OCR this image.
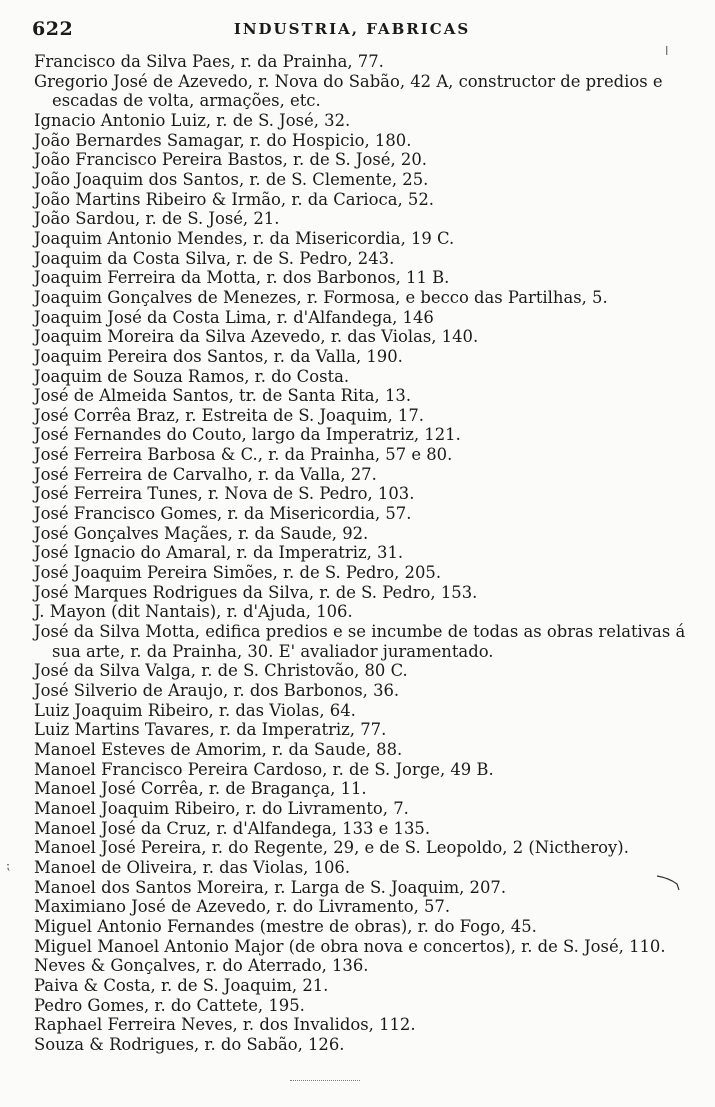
622	INDUSTRIA, FABRICAS
Francisco da Silva Paes, r. da Prainha, 77.
Gregorio José de Azevedo, r. Nova do Sabão, 42 A, constructor de predios e
escadas de volta, armações, etc.
Ignacio Antonio Luiz, r. de S. José, 32.
João Bernardes Samagar, r. do Hospicio, 180.
João Francisco Pereira Bastos, r. de S. José, 20.
João Joaquim dos Santos, r. de S. Clemente, 25.
João Martins Ribeiro & Irmão, r. da Carioca, 52.
João Sardou, r. de S. José, 21.
Joaquim Antonio Mendes, r. da Misericordia, 19 C.
Joaquim da Costa Silva, r. de S. Pedro, 243.
Joaquim Ferreira da Motta, r. dos Barbonos, 11 B.
Joaquim Gonçalves de Menezes, r. Formosa, e becco das Partilhas, 5.
Joaquim José da Costa Lima, r. d'Alfandega, 146
Joaquim Moreira da Silva Azevedo, r. das Violas, 140.
Joaquim Pereira dos Santos, r. da Valla, 190.
Joaquim de Souza Ramos, r. do Costa.
José de Almeida Santos, tr. de Santa Rita, 13.
José Corrêa Braz, r. Estreita de S. Joaquim, 17.
José Fernandes do Couto, largo da Imperatriz, 121.
José Ferreira Barbosa & C., r. da Prainha, 57 e 80.
José Ferreira de Carvalho, r. da Valla, 27.
José Ferreira Tunes, r. Nova de S. Pedro, 103.
José Francisco Gomes, r. da Misericordia, 57.
José Gonçalves Maçães, r. da Saude, 92.
José Ignacio do Amaral, r. da Imperatriz, 31.
José Joaquim Pereira Simões, r. de S. Pedro, 205.
José Marques Rodrigues da Silva, r. de S. Pedro, 153.
J. Mayon (dit Nantais), r. d'Ajuda, 106.
José da Silva Motta, edifica predios e se incumbe de todas as obras relativas á
sua arte, r. da Prainha, 30. E' avaliador juramentado.
José da Silva Valga, r. de S. Christovão, 80 C.
José Silverio de Araujo, r. dos Barbonos, 36.
Luiz Joaquim Ribeiro, r. das Violas, 64.
Luiz Martins Tavares, r. da Imperatriz, 77.
Manoel Esteves de Amorim, r. da Saude, 88.
Manoel Francisco Pereira Cardoso, r. de S. Jorge, 49 B.
Manoel José Corrêa, r. de Bragança, 11.
Manoel Joaquim Ribeiro, r. do Livramento, 7.
Manoel José da Cruz, r. d'Alfandega, 133 e 135.
Manoel José Pereira, r. do Regente, 29, e de S. Leopoldo, 2 (Nictheroy).
Manoel de Oliveira, r. das Violas, 106.
Manoel dos Santos Moreira, r. Larga de S. Joaquim, 207.
Maximiano José de Azevedo, r. do Livramento, 57.
Miguel Antonio Fernandes (mestre de obras), r. do Fogo, 45.
Miguel Manoel Antonio Major (de obra nova e concertos), r. de S. José, 110.
Neves & Gonçalves, r. do Aterrado, 136.
Paiva & Costa, r. de S. Joaquim, 21.
Pedro Gomes, r. do Cattete, 195.
Raphael Ferreira Neves, r. dos Invalidos, 112.
Souza & Rodrigues, r. do Sabão, 126.
ǀ
⁏
